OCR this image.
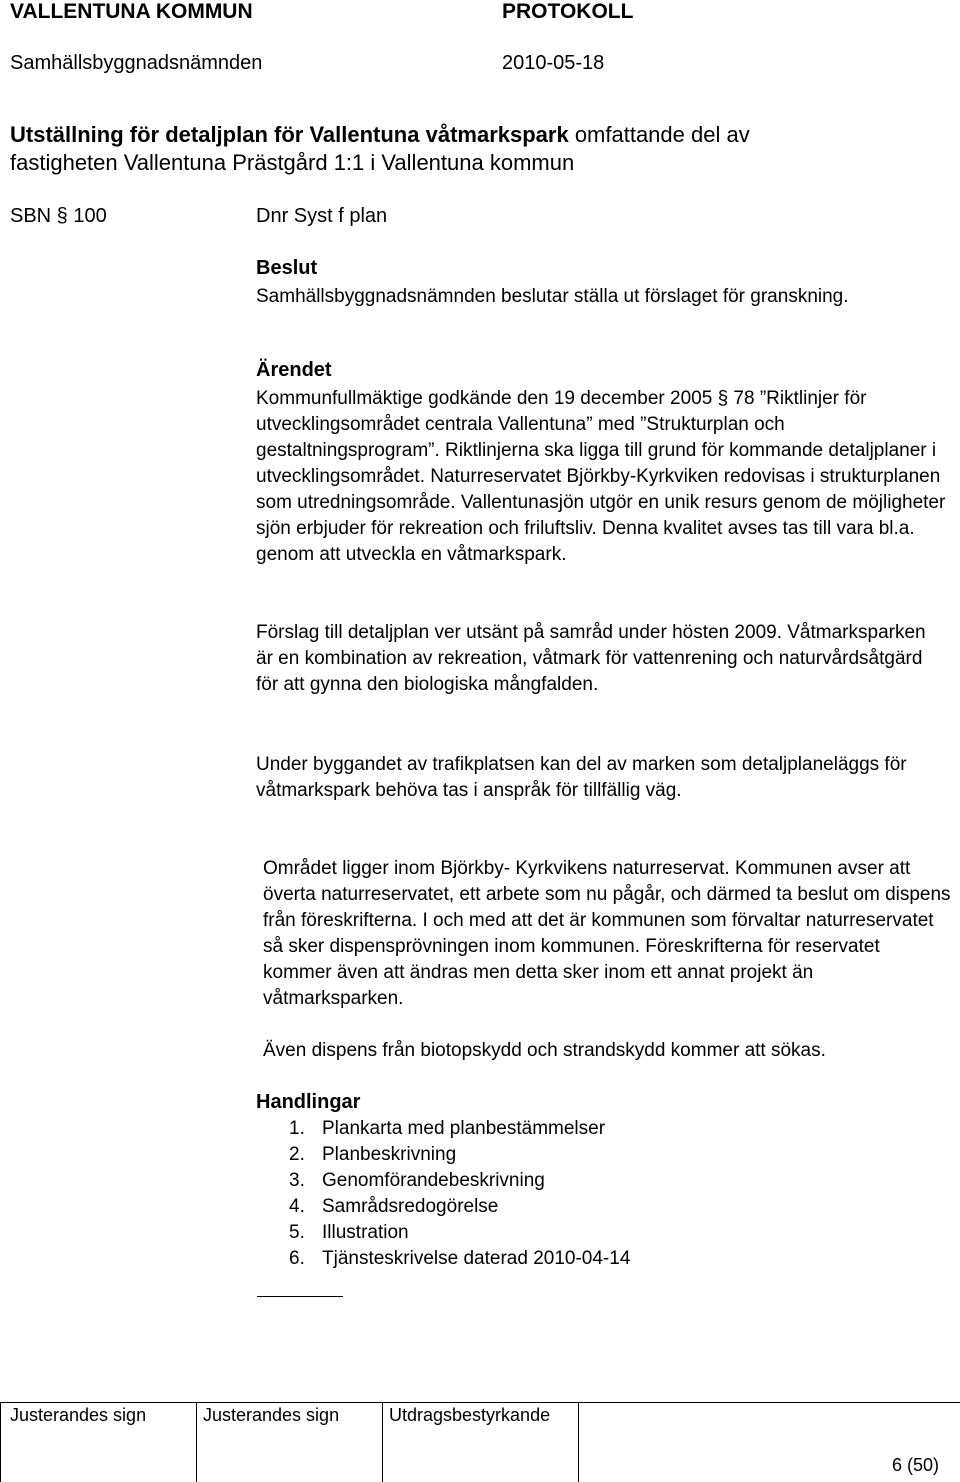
VALLENTUNA KOMMUN	PROTOKOLL
Samhällsbyggnadsnämnden	2010-05-18
Utställning för detaljplan för Vallentuna våtmarkspark omfattande del av
fastigheten Vallentuna Prästgård 1:1 i Vallentuna kommun
SBN § 100	Dnr Syst f plan
Beslut
Samhällsbyggnadsnämnden beslutar ställa ut förslaget för granskning.
Ärendet
Kommunfullmäktige godkände den 19 december 2005 § 78 ”Riktlinjer för utvecklingsområdet centrala Vallentuna” med ”Strukturplan och gestaltningsprogram”. Riktlinjerna ska ligga till grund för kommande detaljplaner i utvecklingsområdet. Naturreservatet Björkby-Kyrkviken redovisas i strukturplanen som utredningsområde. Vallentunasjön utgör en unik resurs genom de möjligheter sjön erbjuder för rekreation och friluftsliv. Denna kvalitet avses tas till vara bl.a. genom att utveckla en våtmarkspark.
Förslag till detaljplan ver utsänt på samråd under hösten 2009. Våtmarksparken är en kombination av rekreation, våtmark för vattenrening och naturvårdsåtgärd för att gynna den biologiska mångfalden.
Under byggandet av trafikplatsen kan del av marken som detaljplaneläggs för våtmarkspark behöva tas i anspråk för tillfällig väg.
Området ligger inom Björkby- Kyrkvikens naturreservat. Kommunen avser att överta naturreservatet, ett arbete som nu pågår, och därmed ta beslut om dispens från föreskrifterna. I och med att det är kommunen som förvaltar naturreservatet så sker dispensprövningen inom kommunen. Föreskrifterna för reservatet kommer även att ändras men detta sker inom ett annat projekt än våtmarksparken.
Även dispens från biotopskydd och strandskydd kommer att sökas.
Handlingar
1. Plankarta med planbestämmelser
2. Planbeskrivning
3. Genomförandebeskrivning
4. Samrådsredogörelse
5. Illustration
6. Tjänsteskrivelse daterad 2010-04-14
Justerandes sign	Justerandes sign	Utdragsbestyrkande
6 (50)
